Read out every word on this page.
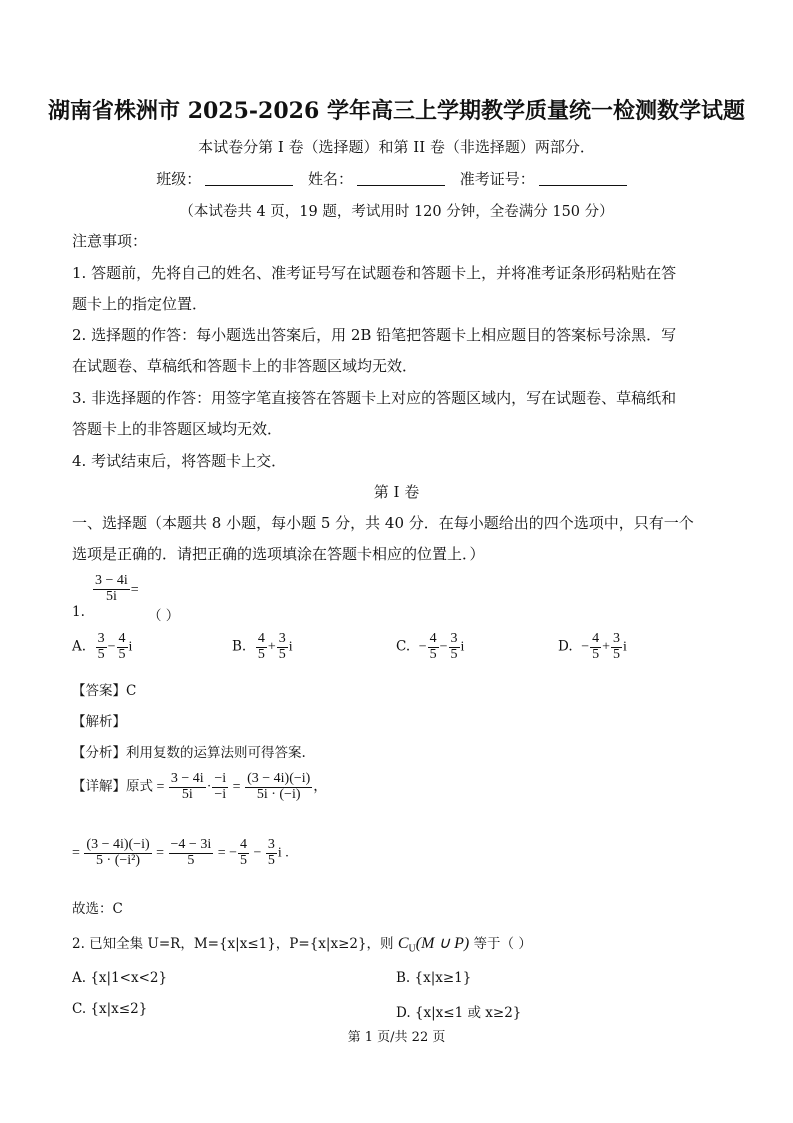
湖南省株洲市 2025-2026 学年高三上学期教学质量统一检测数学试题
本试卷分第 I 卷（选择题）和第 II 卷（非选择题）两部分．
班级：	姓名：	准考证号：
（本试卷共 4 页，19 题，考试用时 120 分钟，全卷满分 150 分）
注意事项：
1. 答题前，先将自己的姓名、准考证号写在试题卷和答题卡上，并将准考证条形码粘贴在答
题卡上的指定位置．
2. 选择题的作答：每小题选出答案后，用 2B 铅笔把答题卡上相应题目的答案标号涂黑．写
在试题卷、草稿纸和答题卡上的非答题区域均无效．
3. 非选择题的作答：用签字笔直接答在答题卡上对应的答题区域内，写在试题卷、草稿纸和
答题卡上的非答题区域均无效．
4. 考试结束后，将答题卡上交．
第 I 卷
一、选择题（本题共 8 小题，每小题 5 分，共 40 分．在每小题给出的四个选项中，只有一个
选项是正确的．请把正确的选项填涂在答题卡相应的位置上．）
$\frac{3 - 4i}{5i}$ =
1.	（ ）
A. $\frac{3}{5} - \frac{4}{5}$ i	B. $\frac{4}{5} + \frac{3}{5}$ i	C. − $\frac{4}{5} - \frac{3}{5}$ i	D. − $\frac{4}{5} + \frac{3}{5}$ i
【答案】C
【解析】
【分析】利用复数的运算法则可得答案.
【详解】原式 = $\frac{3 - 4i}{5i} \cdot \frac{-i}{-i} = \frac{(3 - 4i)(-i)}{5i \cdot (-i)}$ ，
= $\frac{(3 - 4i)(-i)}{\text{5 · (−i²)}} = \frac{-4 - 3i}{5}$ = − $\frac{4}{5} - \frac{3}{5}$ i .
故选：C
2. 已知全集 U=R，M={x|x≤1}，P={x|x≥2}，则 $C_U(M$ ∪ P) 等于（ ）
A. {x|1<x<2}	B. {x|x≥1}
C. {x|x≤2}	D. {x|x≤1 或 x≥2}
第 1 页/共 22 页
